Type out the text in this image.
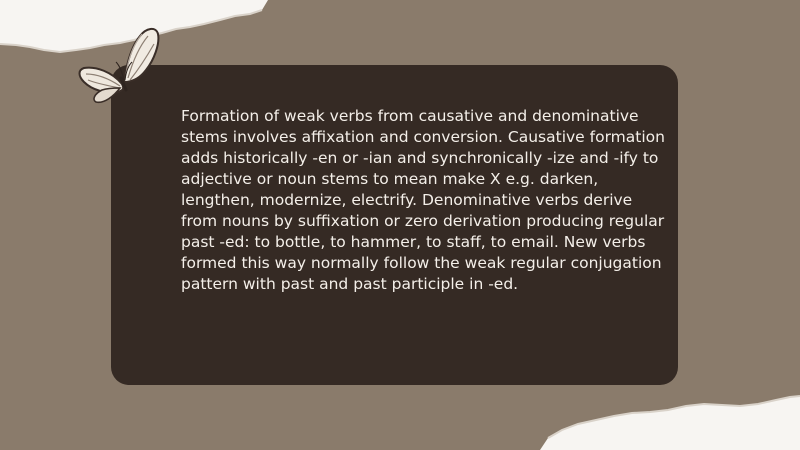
Formation of weak verbs from causative and denominative stems involves affixation and conversion. Causative formation adds historically -en or -ian and synchronically -ize and -ify to adjective or noun stems to mean make X e.g. darken, lengthen, modernize, electrify. Denominative verbs derive from nouns by suffixation or zero derivation producing regular past -ed: to bottle, to hammer, to staff, to email. New verbs formed this way normally follow the weak regular conjugation pattern with past and past participle in -ed.
